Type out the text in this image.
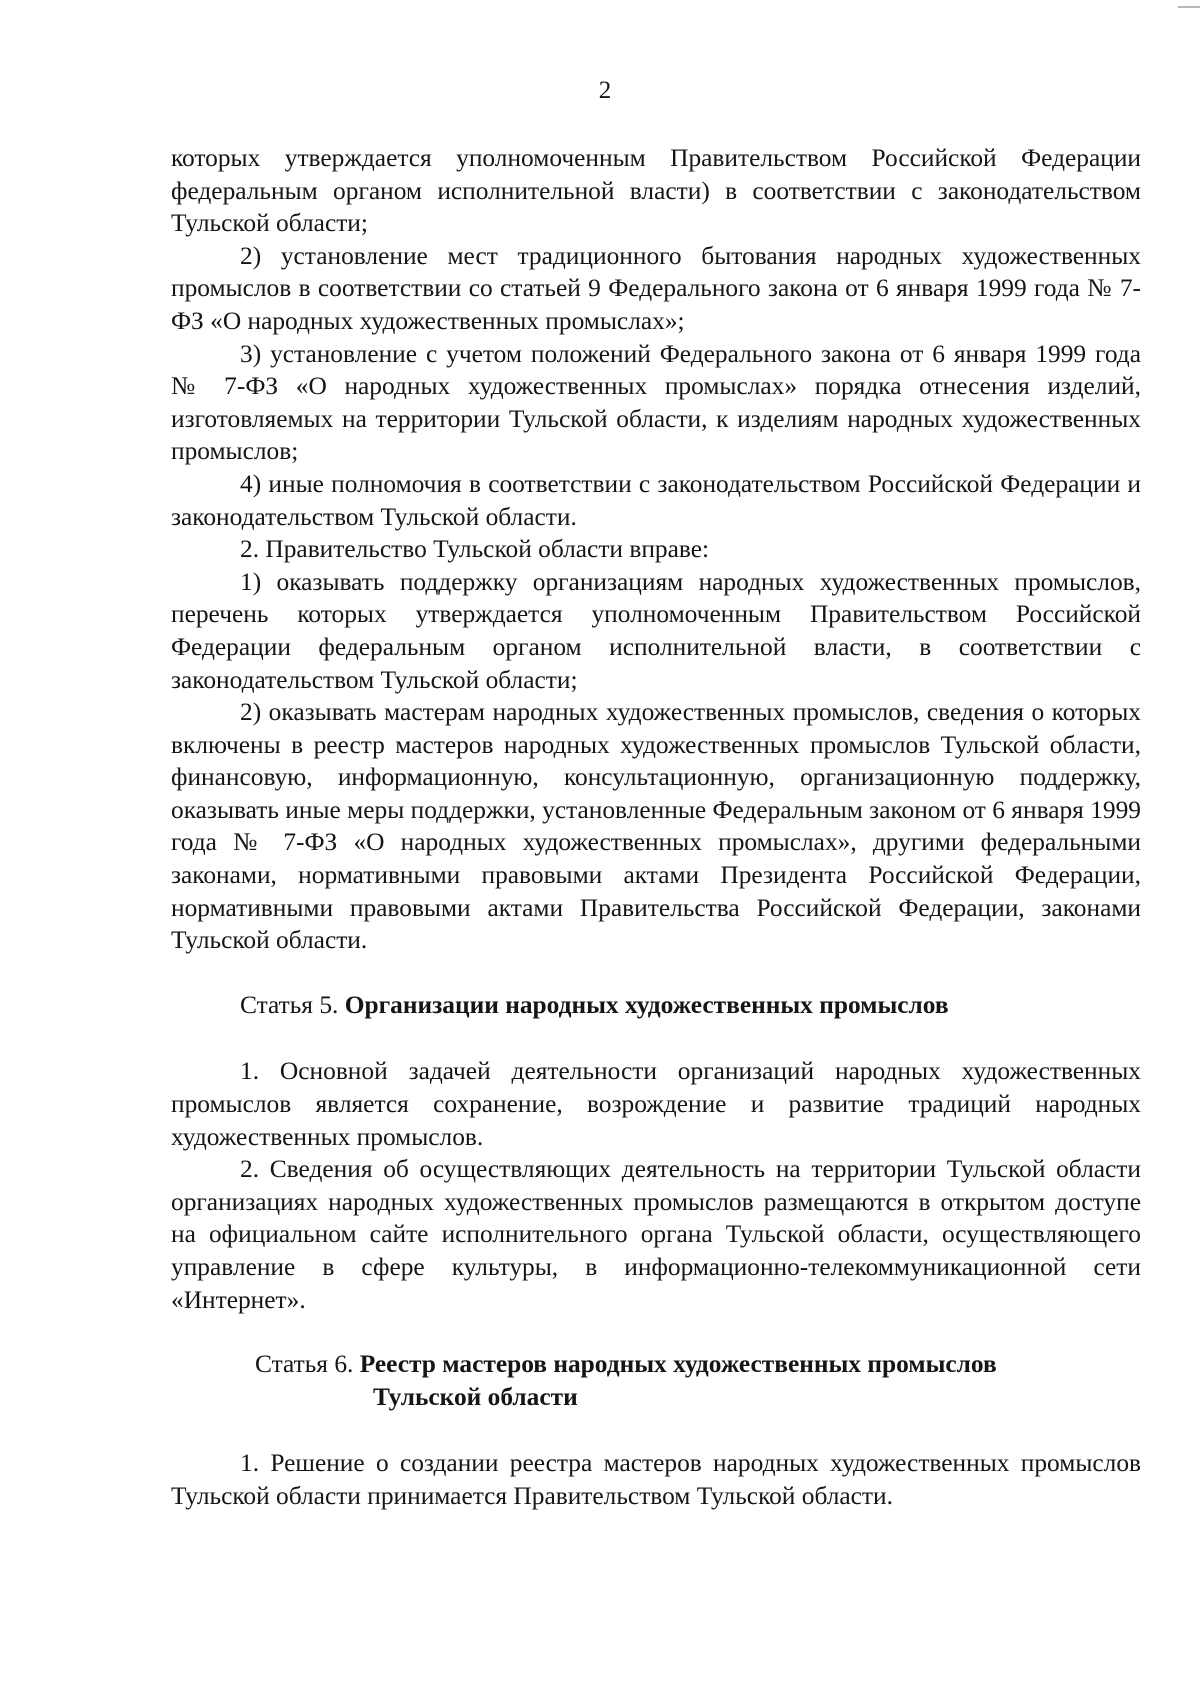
2

которых утверждается уполномоченным Правительством Российской Федерации федеральным органом исполнительной власти) в соответствии с законодательством Тульской области;

2) установление мест традиционного бытования народных художественных промыслов в соответствии со статьей 9 Федерального закона от 6 января 1999 года № 7-ФЗ «О народных художественных промыслах»;

3) установление с учетом положений Федерального закона от 6 января 1999 года № 7-ФЗ «О народных художественных промыслах» порядка отнесения изделий, изготовляемых на территории Тульской области, к изделиям народных художественных промыслов;

4) иные полномочия в соответствии с законодательством Российской Федерации и законодательством Тульской области.

2. Правительство Тульской области вправе:

1) оказывать поддержку организациям народных художественных промыслов, перечень которых утверждается уполномоченным Правительством Российской Федерации федеральным органом исполнительной власти, в соответствии с законодательством Тульской области;

2) оказывать мастерам народных художественных промыслов, сведения о которых включены в реестр мастеров народных художественных промыслов Тульской области, финансовую, информационную, консультационную, организационную поддержку, оказывать иные меры поддержки, установленные Федеральным законом от 6 января 1999 года № 7-ФЗ «О народных художественных промыслах», другими федеральными законами, нормативными правовыми актами Президента Российской Федерации, нормативными правовыми актами Правительства Российской Федерации, законами Тульской области.

Статья 5. Организации народных художественных промыслов

1. Основной задачей деятельности организаций народных художественных промыслов является сохранение, возрождение и развитие традиций народных художественных промыслов.

2. Сведения об осуществляющих деятельность на территории Тульской области организациях народных художественных промыслов размещаются в открытом доступе на официальном сайте исполнительного органа Тульской области, осуществляющего управление в сфере культуры, в информационно-телекоммуникационной сети «Интернет».

Статья 6. Реестр мастеров народных художественных промыслов
Тульской области

1. Решение о создании реестра мастеров народных художественных промыслов Тульской области принимается Правительством Тульской области.
